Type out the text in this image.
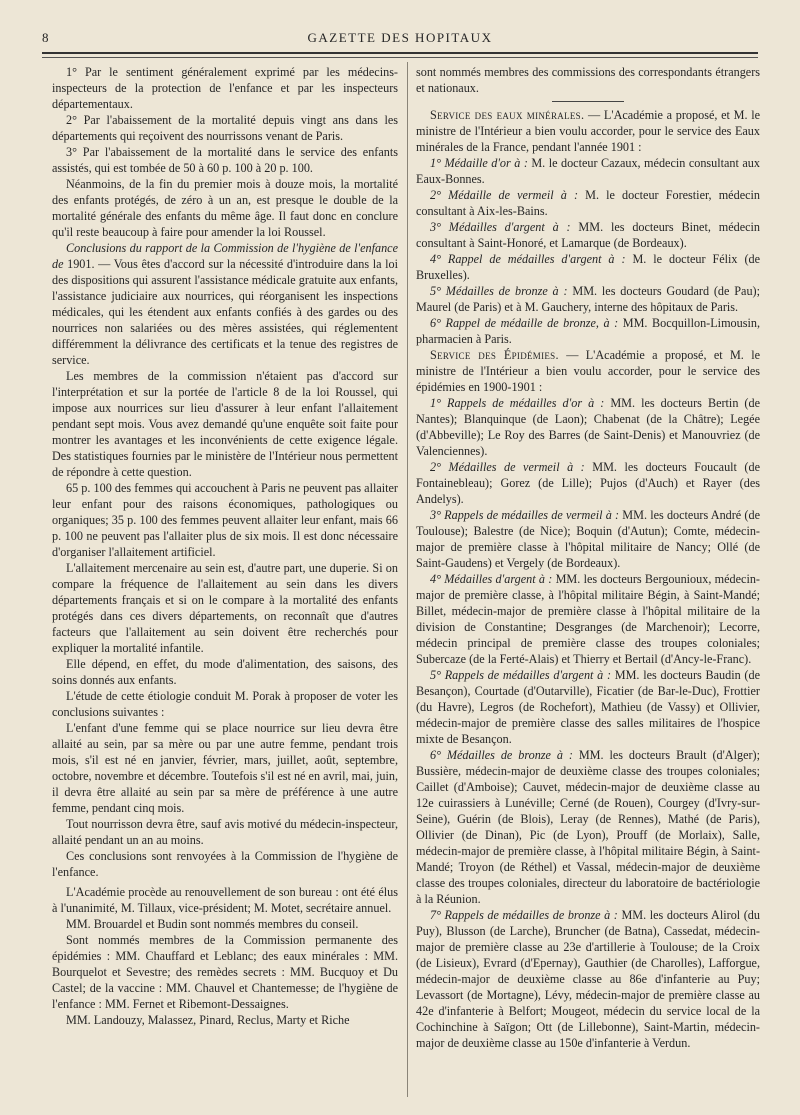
8	GAZETTE DES HOPITAUX

1° Par le sentiment généralement exprimé par les médecins-inspecteurs de la protection de l'enfance et par les inspecteurs départementaux.

2° Par l'abaissement de la mortalité depuis vingt ans dans les départements qui reçoivent des nourrissons venant de Paris.

3° Par l'abaissement de la mortalité dans le service des enfants assistés, qui est tombée de 50 à 60 p. 100 à 20 p. 100.

Néanmoins, de la fin du premier mois à douze mois, la mortalité des enfants protégés, de zéro à un an, est presque le double de la mortalité générale des enfants du même âge. Il faut donc en conclure qu'il reste beaucoup à faire pour amender la loi Roussel.

Conclusions du rapport de la Commission de l'hygiène de l'enfance de 1901. — Vous êtes d'accord sur la nécessité d'introduire dans la loi des dispositions qui assurent l'assistance médicale gratuite aux enfants, l'assistance judiciaire aux nourrices, qui réorganisent les inspections médicales, qui les étendent aux enfants confiés à des gardes ou des nourrices non salariées ou des mères assistées, qui réglementent différemment la délivrance des certificats et la tenue des registres de service.

Les membres de la commission n'étaient pas d'accord sur l'interprétation et sur la portée de l'article 8 de la loi Roussel, qui impose aux nourrices sur lieu d'assurer à leur enfant l'allaitement pendant sept mois. Vous avez demandé qu'une enquête soit faite pour montrer les avantages et les inconvénients de cette exigence légale. Des statistiques fournies par le ministère de l'Intérieur nous permettent de répondre à cette question.

65 p. 100 des femmes qui accouchent à Paris ne peuvent pas allaiter leur enfant pour des raisons économiques, pathologiques ou organiques; 35 p. 100 des femmes peuvent allaiter leur enfant, mais 66 p. 100 ne peuvent pas l'allaiter plus de six mois. Il est donc nécessaire d'organiser l'allaitement artificiel.

L'allaitement mercenaire au sein est, d'autre part, une duperie. Si on compare la fréquence de l'allaitement au sein dans les divers départements français et si on le compare à la mortalité des enfants protégés dans ces divers départements, on reconnaît que d'autres facteurs que l'allaitement au sein doivent être recherchés pour expliquer la mortalité infantile.

Elle dépend, en effet, du mode d'alimentation, des saisons, des soins donnés aux enfants.

L'étude de cette étiologie conduit M. Porak à proposer de voter les conclusions suivantes :

L'enfant d'une femme qui se place nourrice sur lieu devra être allaité au sein, par sa mère ou par une autre femme, pendant trois mois, s'il est né en janvier, février, mars, juillet, août, septembre, octobre, novembre et décembre. Toutefois s'il est né en avril, mai, juin, il devra être allaité au sein par sa mère de préférence à une autre femme, pendant cinq mois.

Tout nourrisson devra être, sauf avis motivé du médecin-inspecteur, allaité pendant un an au moins.

Ces conclusions sont renvoyées à la Commission de l'hygiène de l'enfance.

L'Académie procède au renouvellement de son bureau : ont été élus à l'unanimité, M. Tillaux, vice-président; M. Motet, secrétaire annuel.

MM. Brouardel et Budin sont nommés membres du conseil.

Sont nommés membres de la Commission permanente des épidémies : MM. Chauffard et Leblanc; des eaux minérales : MM. Bourquelot et Sevestre; des remèdes secrets : MM. Bucquoy et Du Castel; de la vaccine : MM. Chauvel et Chantemesse; de l'hygiène de l'enfance : MM. Fernet et Ribemont-Dessaignes.

MM. Landouzy, Malassez, Pinard, Reclus, Marty et Riche

sont nommés membres des commissions des correspondants étrangers et nationaux.

Service des eaux minérales. — L'Académie a proposé, et M. le ministre de l'Intérieur a bien voulu accorder, pour le service des Eaux minérales de la France, pendant l'année 1901 :

1° Médaille d'or à : M. le docteur Cazaux, médecin consultant aux Eaux-Bonnes.

2° Médaille de vermeil à : M. le docteur Forestier, médecin consultant à Aix-les-Bains.

3° Médailles d'argent à : MM. les docteurs Binet, médecin consultant à Saint-Honoré, et Lamarque (de Bordeaux).

4° Rappel de médailles d'argent à : M. le docteur Félix (de Bruxelles).

5° Médailles de bronze à : MM. les docteurs Goudard (de Pau); Maurel (de Paris) et à M. Gauchery, interne des hôpitaux de Paris.

6° Rappel de médaille de bronze, à : MM. Bocquillon-Limousin, pharmacien à Paris.

Service des Épidémies. — L'Académie a proposé, et M. le ministre de l'Intérieur a bien voulu accorder, pour le service des épidémies en 1900-1901 :

1° Rappels de médailles d'or à : MM. les docteurs Bertin (de Nantes); Blanquinque (de Laon); Chabenat (de la Châtre); Legée (d'Abbeville); Le Roy des Barres (de Saint-Denis) et Manouvriez (de Valenciennes).

2° Médailles de vermeil à : MM. les docteurs Foucault (de Fontainebleau); Gorez (de Lille); Pujos (d'Auch) et Rayer (des Andelys).

3° Rappels de médailles de vermeil à : MM. les docteurs André (de Toulouse); Balestre (de Nice); Boquin (d'Autun); Comte, médecin-major de première classe à l'hôpital militaire de Nancy; Ollé (de Saint-Gaudens) et Vergely (de Bordeaux).

4° Médailles d'argent à : MM. les docteurs Bergounioux, médecin-major de première classe, à l'hôpital militaire Bégin, à Saint-Mandé; Billet, médecin-major de première classe à l'hôpital militaire de la division de Constantine; Desgranges (de Marchenoir); Lecorre, médecin principal de première classe des troupes coloniales; Subercaze (de la Ferté-Alais) et Thierry et Bertail (d'Ancy-le-Franc).

5° Rappels de médailles d'argent à : MM. les docteurs Baudin (de Besançon), Courtade (d'Outarville), Ficatier (de Bar-le-Duc), Frottier (du Havre), Legros (de Rochefort), Mathieu (de Vassy) et Ollivier, médecin-major de première classe des salles militaires de l'hospice mixte de Besançon.

6° Médailles de bronze à : MM. les docteurs Brault (d'Alger); Bussière, médecin-major de deuxième classe des troupes coloniales; Caillet (d'Amboise); Cauvet, médecin-major de deuxième classe au 12e cuirassiers à Lunéville; Cerné (de Rouen), Courgey (d'Ivry-sur-Seine), Guérin (de Blois), Leray (de Rennes), Mathé (de Paris), Ollivier (de Dinan), Pic (de Lyon), Prouff (de Morlaix), Salle, médecin-major de première classe, à l'hôpital militaire Bégin, à Saint-Mandé; Troyon (de Réthel) et Vassal, médecin-major de deuxième classe des troupes coloniales, directeur du laboratoire de bactériologie à la Réunion.

7° Rappels de médailles de bronze à : MM. les docteurs Alirol (du Puy), Blusson (de Larche), Bruncher (de Batna), Cassedat, médecin-major de première classe au 23e d'artillerie à Toulouse; de la Croix (de Lisieux), Evrard (d'Epernay), Gauthier (de Charolles), Lafforgue, médecin-major de deuxième classe au 86e d'infanterie au Puy; Levassort (de Mortagne), Lévy, médecin-major de première classe au 42e d'infanterie à Belfort; Mougeot, médecin du service local de la Cochinchine à Saïgon; Ott (de Lillebonne), Saint-Martin, médecin-major de deuxième classe au 150e d'infanterie à Verdun.
